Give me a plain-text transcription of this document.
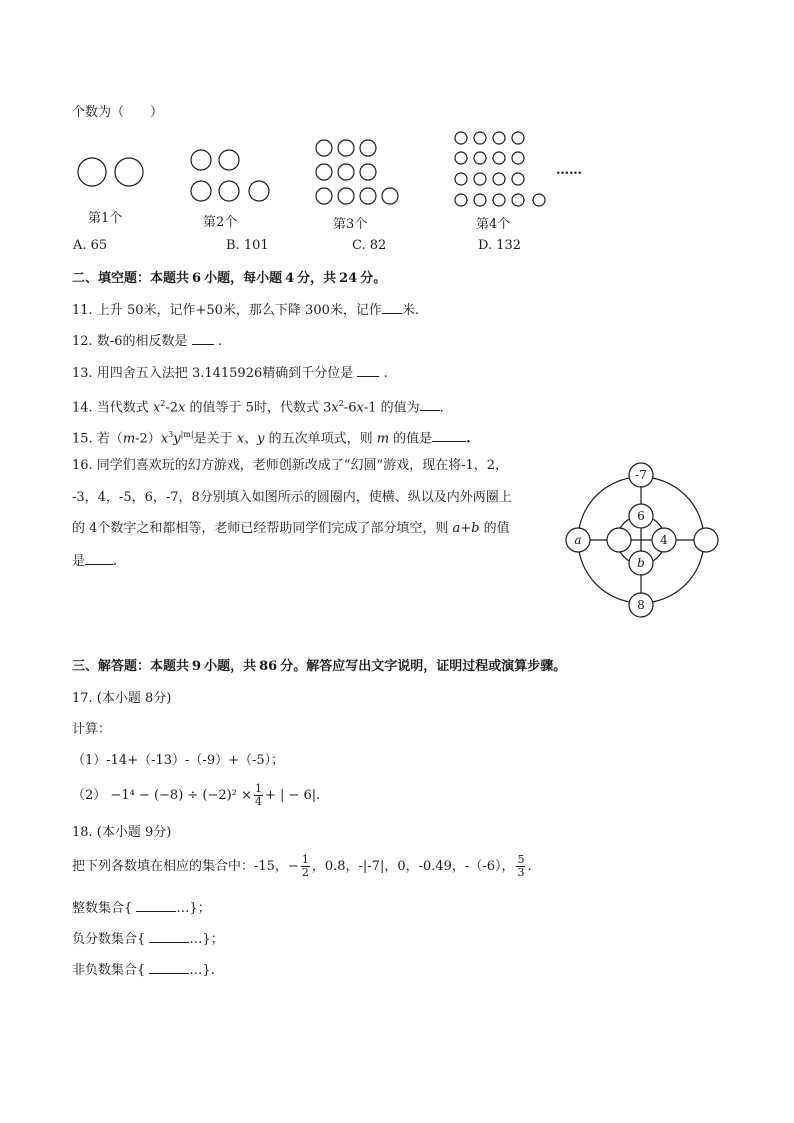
个数为（　　）
……
第1个	第2个	第3个	第4个
A. 65	B. 101	C. 82	D. 132
二、填空题：本题共 6 小题，每小题 4 分，共 24 分。
11. 上升 50米，记作+50米，那么下降 300米，记作 米.
12. 数-6的相反数是 .
13. 用四舍五入法把 3.1415926精确到千分位是 .
14. 当代数式 $x^2-2x$ 的值等于 5时，代数式 $3x^2-6x-1$ 的值为 .
15. 若$(m-2)x^3y^{|m|}$是关于 x、y 的五次单项式，则 m 的值是	.
16. 同学们喜欢玩的幻方游戏，老师创新改成了“幻圆”游戏，现在将-1，2，
-3，4，-5，6，-7，8分别填入如图所示的圆圈内，使横、纵以及内外两圈上
的 4个数字之和都相等，老师已经帮助同学们完成了部分填空，则 a+b 的值
是 .
-7
6
a	4
b
8
三、解答题：本题共 9 小题，共 86 分。解答应写出文字说明，证明过程或演算步骤。
17. (本小题 8分)
计算：
（1）-14+（-13）-（-9）+（-5）；
$(2) -1^4 - (-8) \div (-2)^2 \times \frac{1}{4}$ + | − 6|.
18. (本小题 9分)
把下列各数填在相应的集合中：-15，− $\frac{1}{2}$ ，0.8，-|-7|，0，-0.49，-（-6）， $\frac{5}{3}$ .
整数集合{	…}；
负分数集合{	…}；
非负数集合{	…}.
